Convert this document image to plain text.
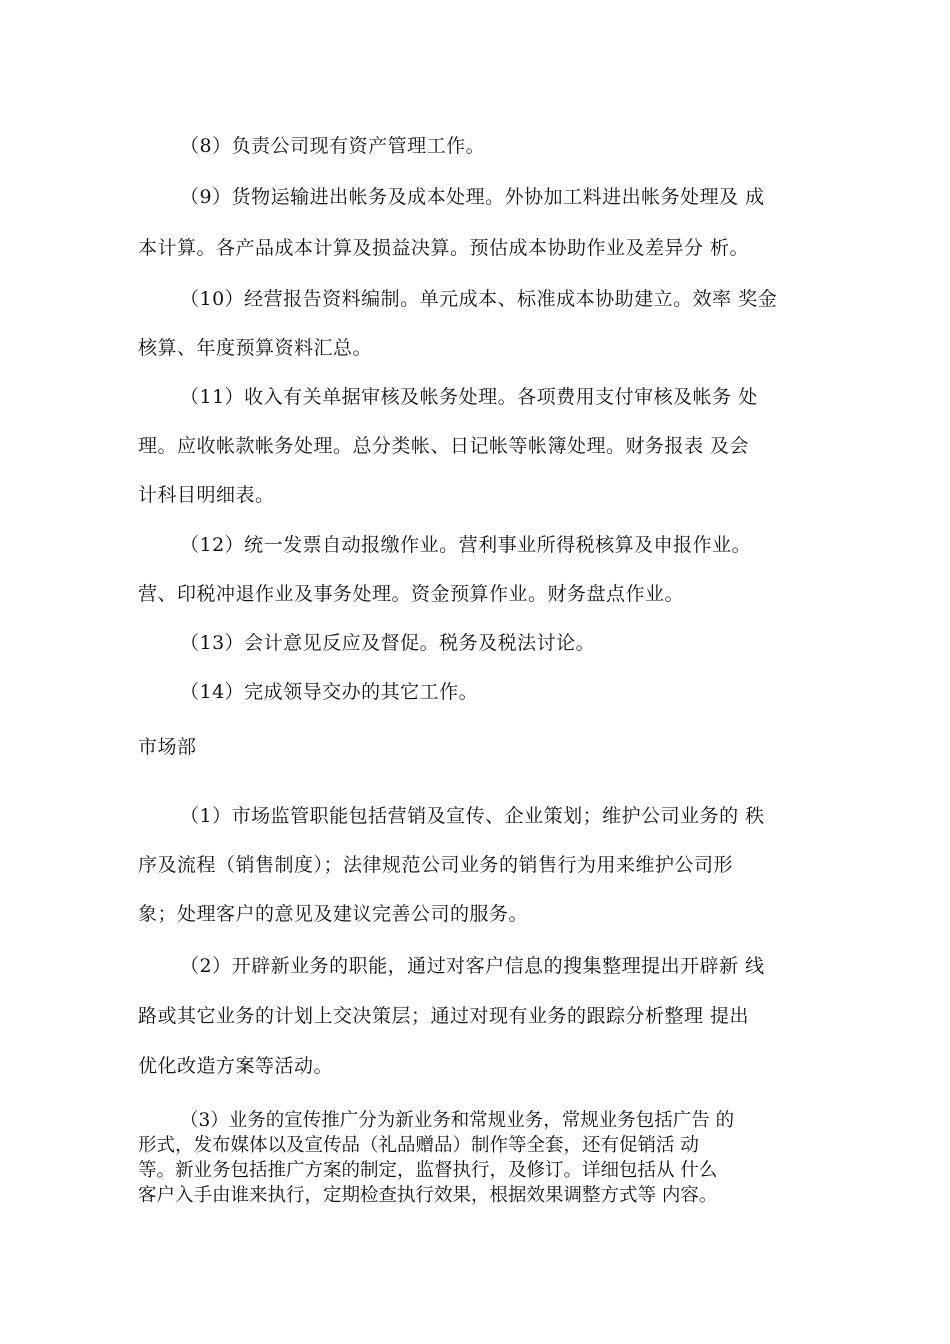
（8）负责公司现有资产管理工作。
（9）货物运输进出帐务及成本处理。外协加工料进出帐务处理及 成
本计算。各产品成本计算及损益决算。预估成本协助作业及差异分 析。
（10）经营报告资料编制。单元成本、标准成本协助建立。效率 奖金
核算、年度预算资料汇总。
（11）收入有关单据审核及帐务处理。各项费用支付审核及帐务 处
理。应收帐款帐务处理。总分类帐、日记帐等帐簿处理。财务报表 及会
计科目明细表。
（12）统一发票自动报缴作业。营利事业所得税核算及申报作业。
营、印税冲退作业及事务处理。资金预算作业。财务盘点作业。
（13）会计意见反应及督促。税务及税法讨论。
（14）完成领导交办的其它工作。
市场部
（1）市场监管职能包括营销及宣传、企业策划；维护公司业务的 秩
序及流程（销售制度）；法律规范公司业务的销售行为用来维护公司形
象；处理客户的意见及建议完善公司的服务。
（2）开辟新业务的职能，通过对客户信息的搜集整理提出开辟新 线
路或其它业务的计划上交决策层；通过对现有业务的跟踪分析整理 提出
优化改造方案等活动。
（3）业务的宣传推广分为新业务和常规业务，常规业务包括广告 的
形式，发布媒体以及宣传品（礼品赠品）制作等全套，还有促销活 动
等。新业务包括推广方案的制定，监督执行，及修订。详细包括从 什么
客户入手由谁来执行，定期检查执行效果，根据效果调整方式等 内容。
